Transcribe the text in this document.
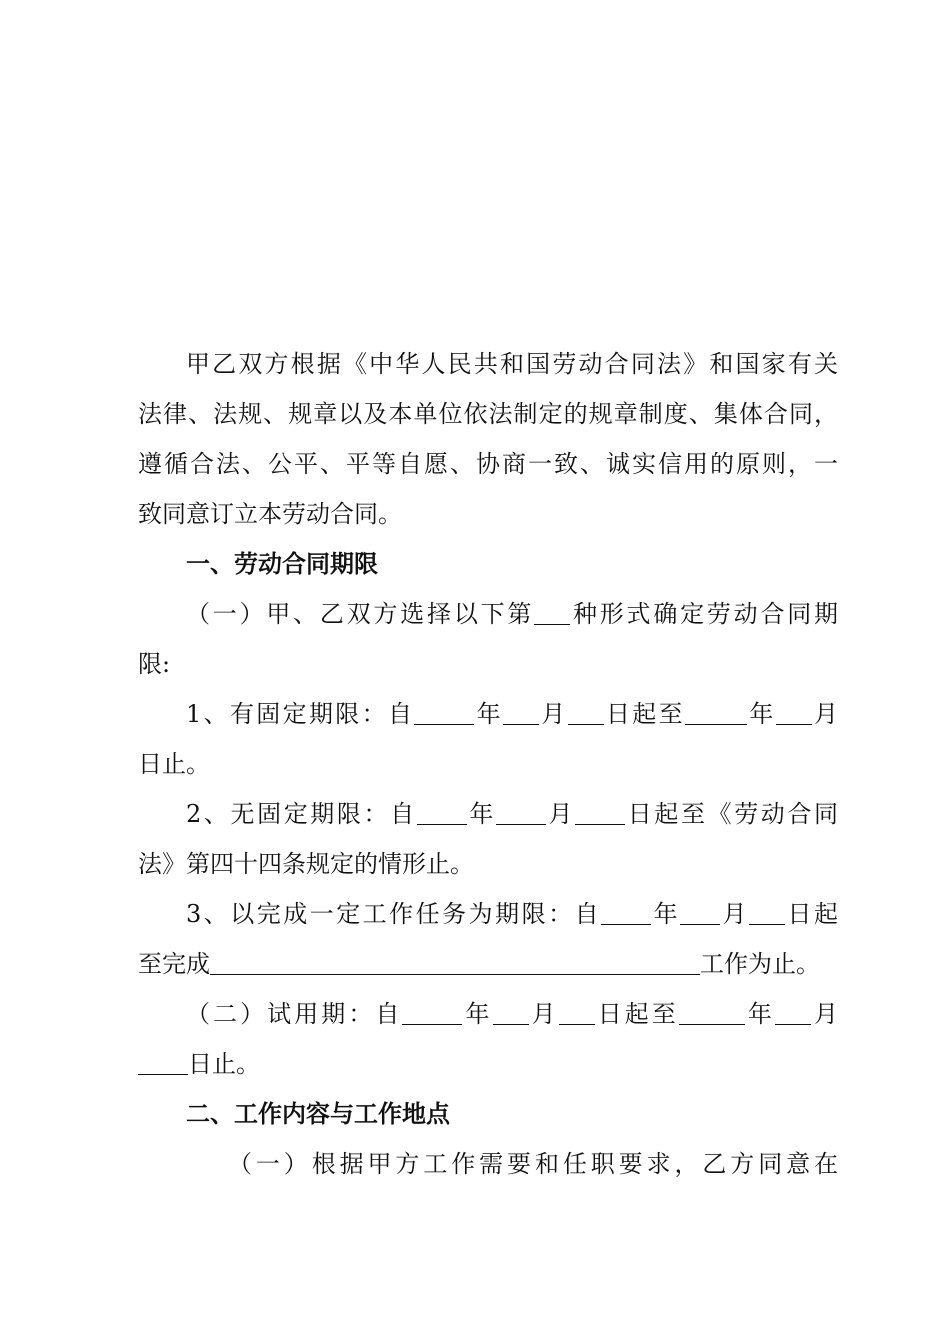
甲乙双方根据《中华人民共和国劳动合同法》和国家有关

法律、法规、规章以及本单位依法制定的规章制度、集体合同，

遵循合法、公平、平等自愿、协商一致、诚实信用的原则，一

致同意订立本劳动合同。

一、劳动合同期限

（一）甲、乙双方选择以下第 种形式确定劳动合同期

限:

1、有固定期限：自	年 月 日起至	年 月

日止。

2、无固定期限：自 年 月 日起至《劳动合同

法》第四十四条规定的情形止。

3、以完成一定工作任务为期限：自 年 月 日起

至完成	工作为止。

（二）试用期：自	年 月 日起至	年 月

日止。

二、工作内容与工作地点

（一）根据甲方工作需要和任职要求，乙方同意在
